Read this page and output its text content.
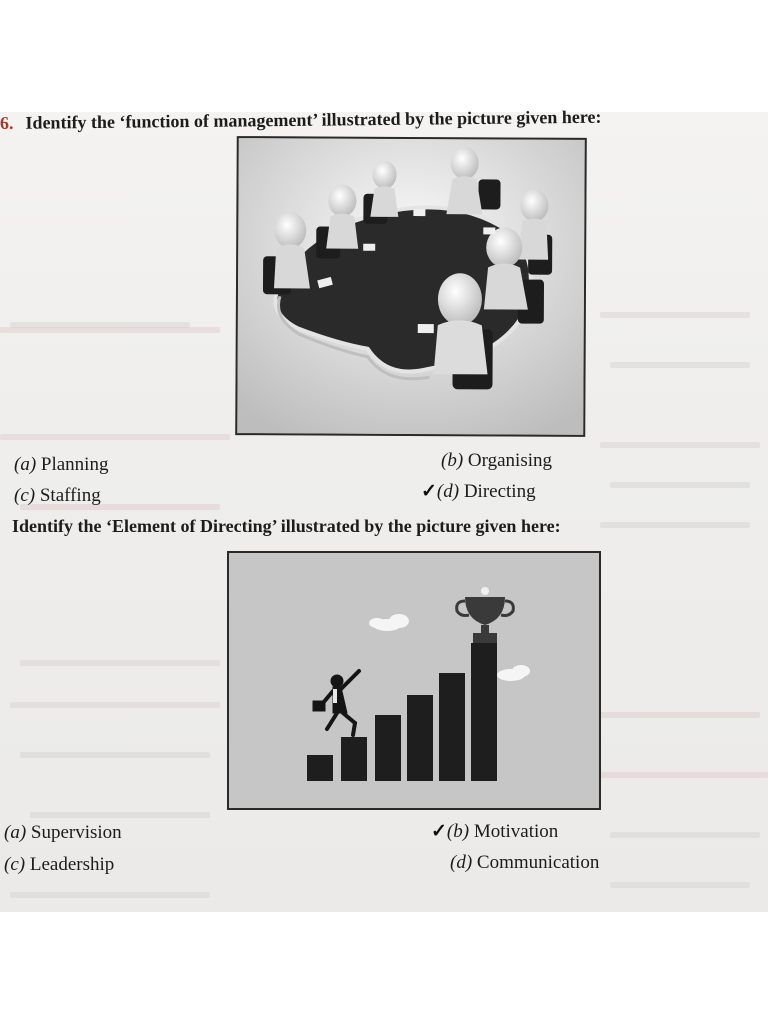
6. Identify the ‘function of management’ illustrated by the picture given here:
(a) Planning	(b) Organising
(c) Staffing	✓(d) Directing
Identify the ‘Element of Directing’ illustrated by the picture given here:
(a) Supervision	✓(b) Motivation
(c) Leadership	(d) Communication
